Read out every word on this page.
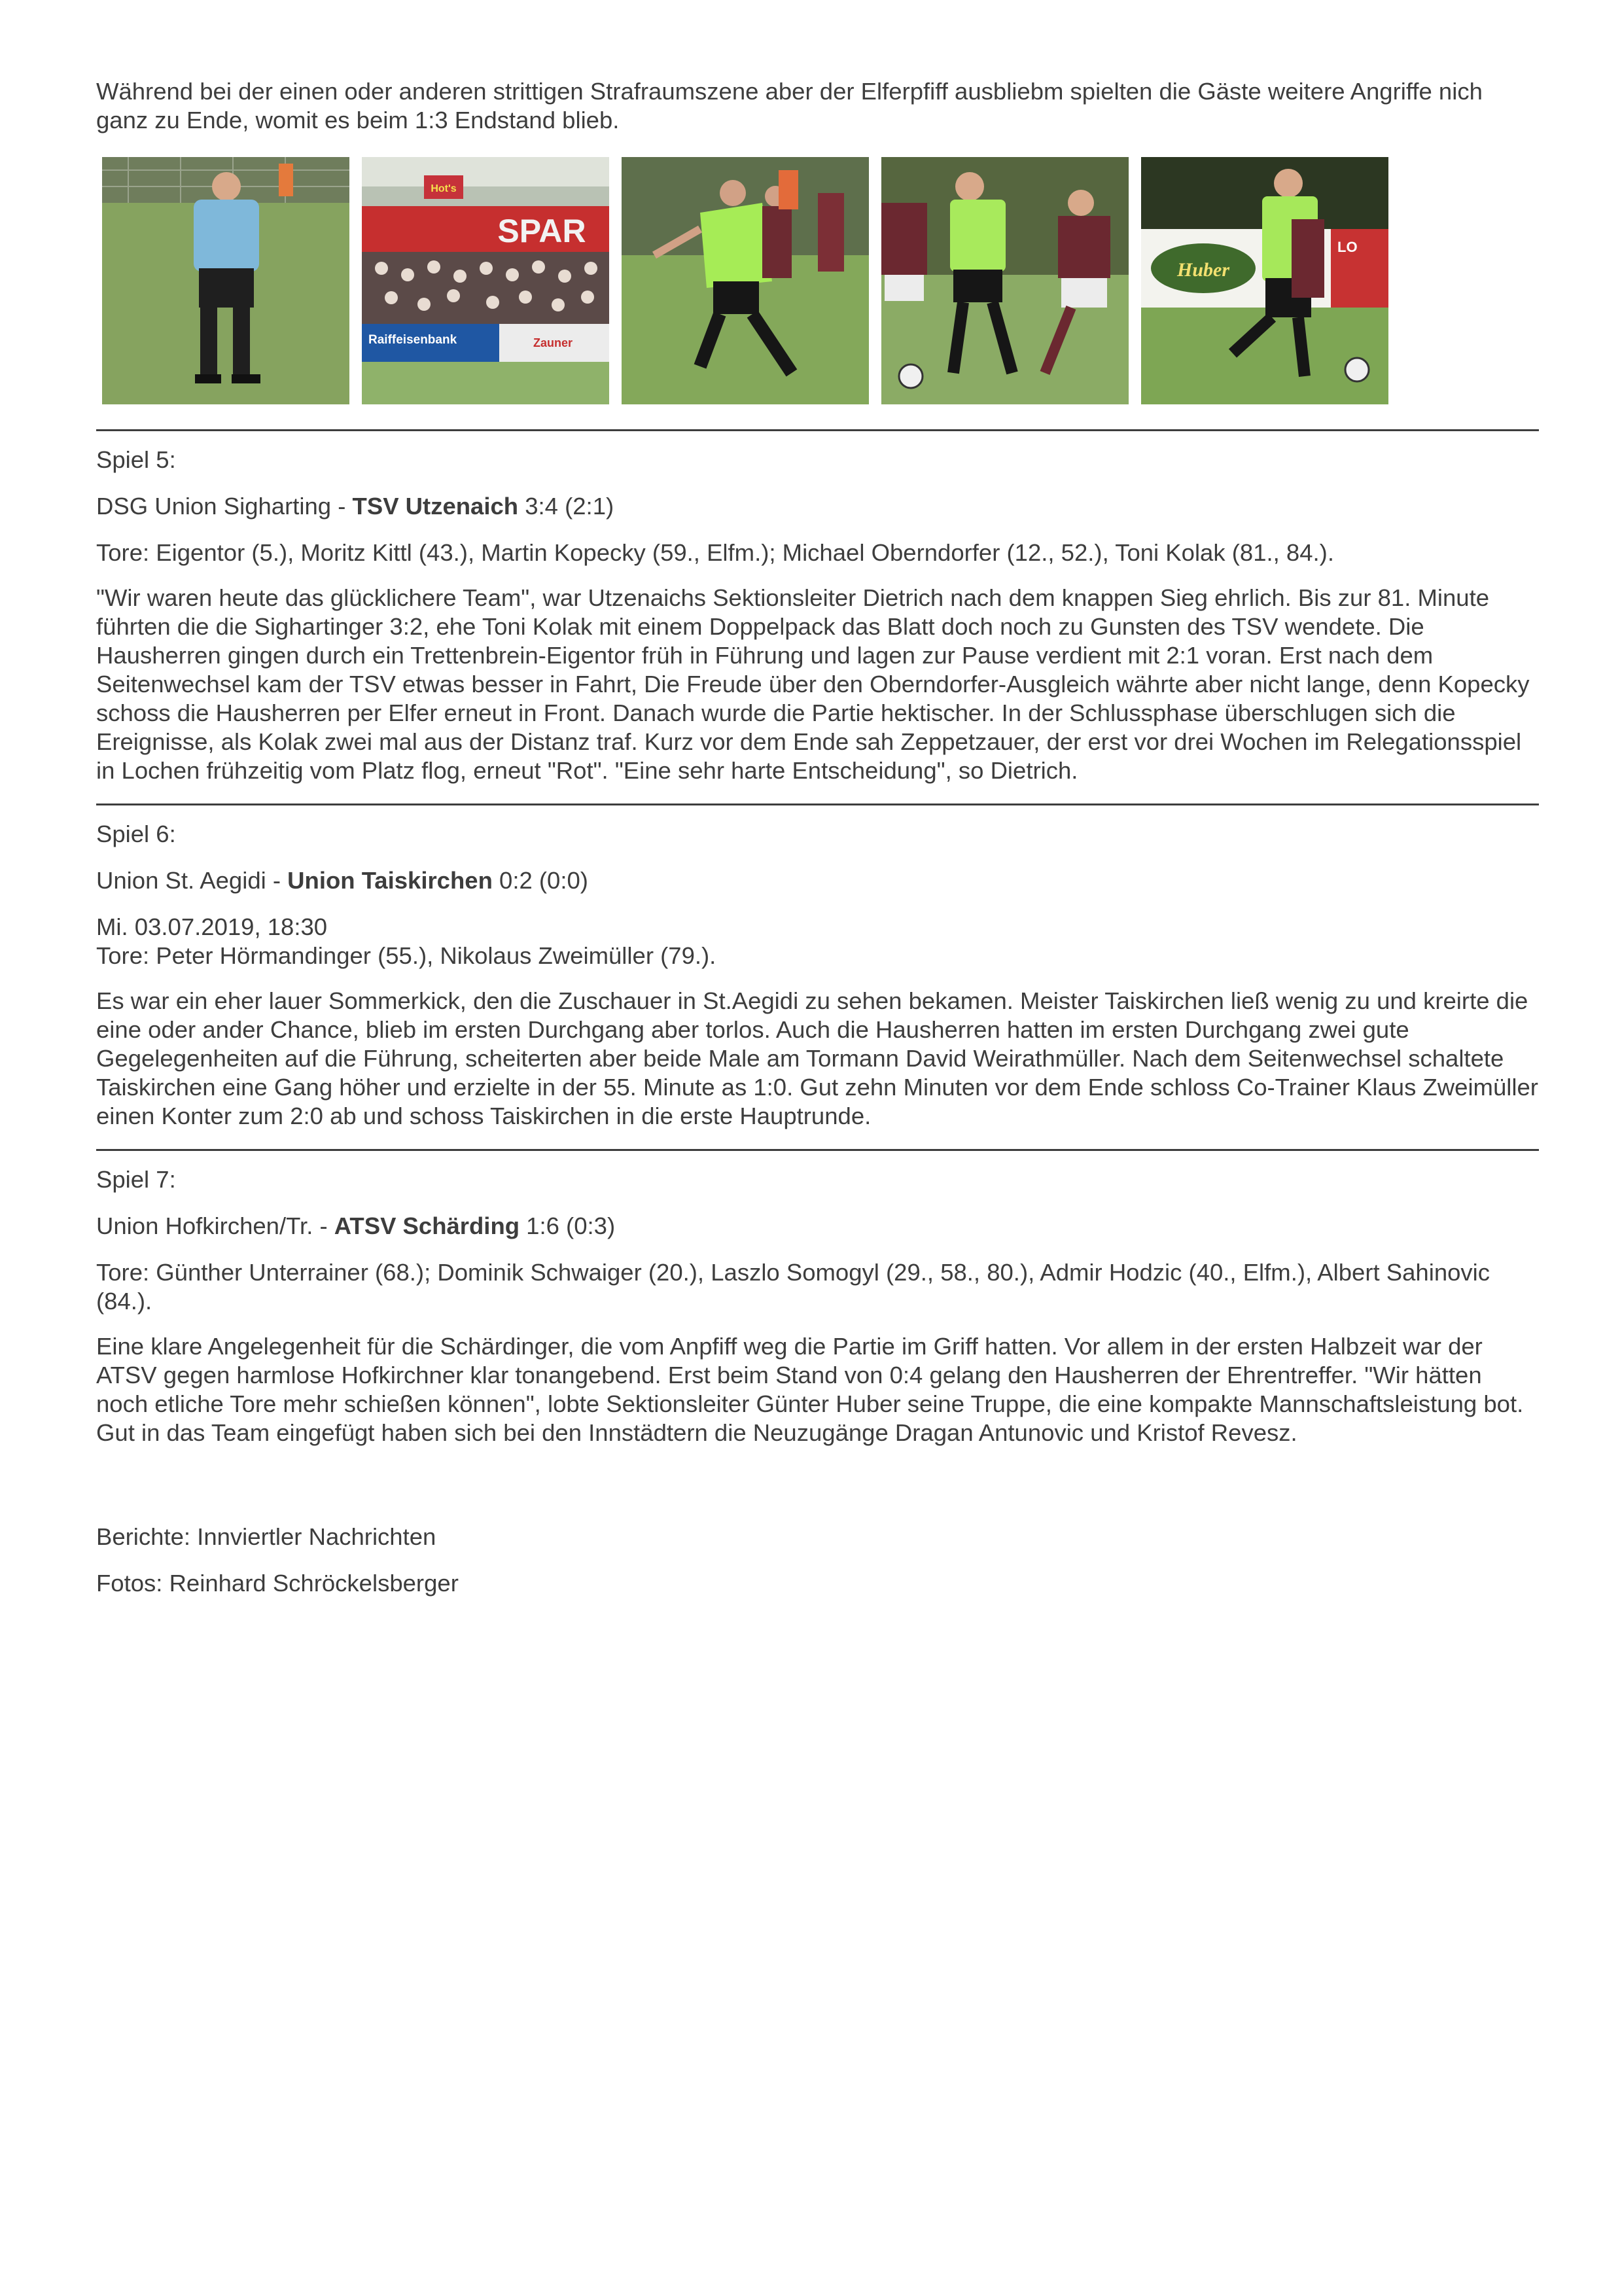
Während bei der einen oder anderen strittigen Strafraumszene aber der Elferpfiff ausbliebm spielten die Gäste weitere Angriffe nich ganz zu Ende, womit es beim 1:3 Endstand blieb.

Hot's
SPAR
Raiffeisenbank	Zauner
Huber
LO

Spiel 5:

DSG Union Sigharting - TSV Utzenaich 3:4 (2:1)

Tore: Eigentor (5.), Moritz Kittl (43.), Martin Kopecky (59., Elfm.); Michael Oberndorfer (12., 52.), Toni Kolak (81., 84.).

"Wir waren heute das glücklichere Team", war Utzenaichs Sektionsleiter Dietrich nach dem knappen Sieg ehrlich. Bis zur 81. Minute führten die die Sighartinger 3:2, ehe Toni Kolak mit einem Doppelpack das Blatt doch noch zu Gunsten des TSV wendete. Die Hausherren gingen durch ein Trettenbrein-Eigentor früh in Führung und lagen zur Pause verdient mit 2:1 voran. Erst nach dem Seitenwechsel kam der TSV etwas besser in Fahrt, Die Freude über den Oberndorfer-Ausgleich währte aber nicht lange, denn Kopecky schoss die Hausherren per Elfer erneut in Front. Danach wurde die Partie hektischer. In der Schlussphase überschlugen sich die Ereignisse, als Kolak zwei mal aus der Distanz traf. Kurz vor dem Ende sah Zeppetzauer, der erst vor drei Wochen im Relegationsspiel in Lochen frühzeitig vom Platz flog, erneut "Rot". "Eine sehr harte Entscheidung", so Dietrich.

Spiel 6:

Union St. Aegidi - Union Taiskirchen 0:2 (0:0)

Mi. 03.07.2019, 18:30
Tore: Peter Hörmandinger (55.), Nikolaus Zweimüller (79.).

Es war ein eher lauer Sommerkick, den die Zuschauer in St.Aegidi zu sehen bekamen. Meister Taiskirchen ließ wenig zu und kreirte die eine oder ander Chance, blieb im ersten Durchgang aber torlos. Auch die Hausherren hatten im ersten Durchgang zwei gute Gegelegenheiten auf die Führung, scheiterten aber beide Male am Tormann David Weirathmüller. Nach dem Seitenwechsel schaltete Taiskirchen eine Gang höher und erzielte in der 55. Minute as 1:0. Gut zehn Minuten vor dem Ende schloss Co-Trainer Klaus Zweimüller einen Konter zum 2:0 ab und schoss Taiskirchen in die erste Hauptrunde.

Spiel 7:

Union Hofkirchen/Tr. - ATSV Schärding 1:6 (0:3)

Tore: Günther Unterrainer (68.); Dominik Schwaiger (20.), Laszlo Somogyl (29., 58., 80.), Admir Hodzic (40., Elfm.), Albert Sahinovic (84.).

Eine klare Angelegenheit für die Schärdinger, die vom Anpfiff weg die Partie im Griff hatten. Vor allem in der ersten Halbzeit war der ATSV gegen harmlose Hofkirchner klar tonangebend. Erst beim Stand von 0:4 gelang den Hausherren der Ehrentreffer. "Wir hätten noch etliche Tore mehr schießen können", lobte Sektionsleiter Günter Huber seine Truppe, die eine kompakte Mannschaftsleistung bot. Gut in das Team eingefügt haben sich bei den Innstädtern die Neuzugänge Dragan Antunovic und Kristof Revesz.

Berichte: Innviertler Nachrichten

Fotos: Reinhard Schröckelsberger
